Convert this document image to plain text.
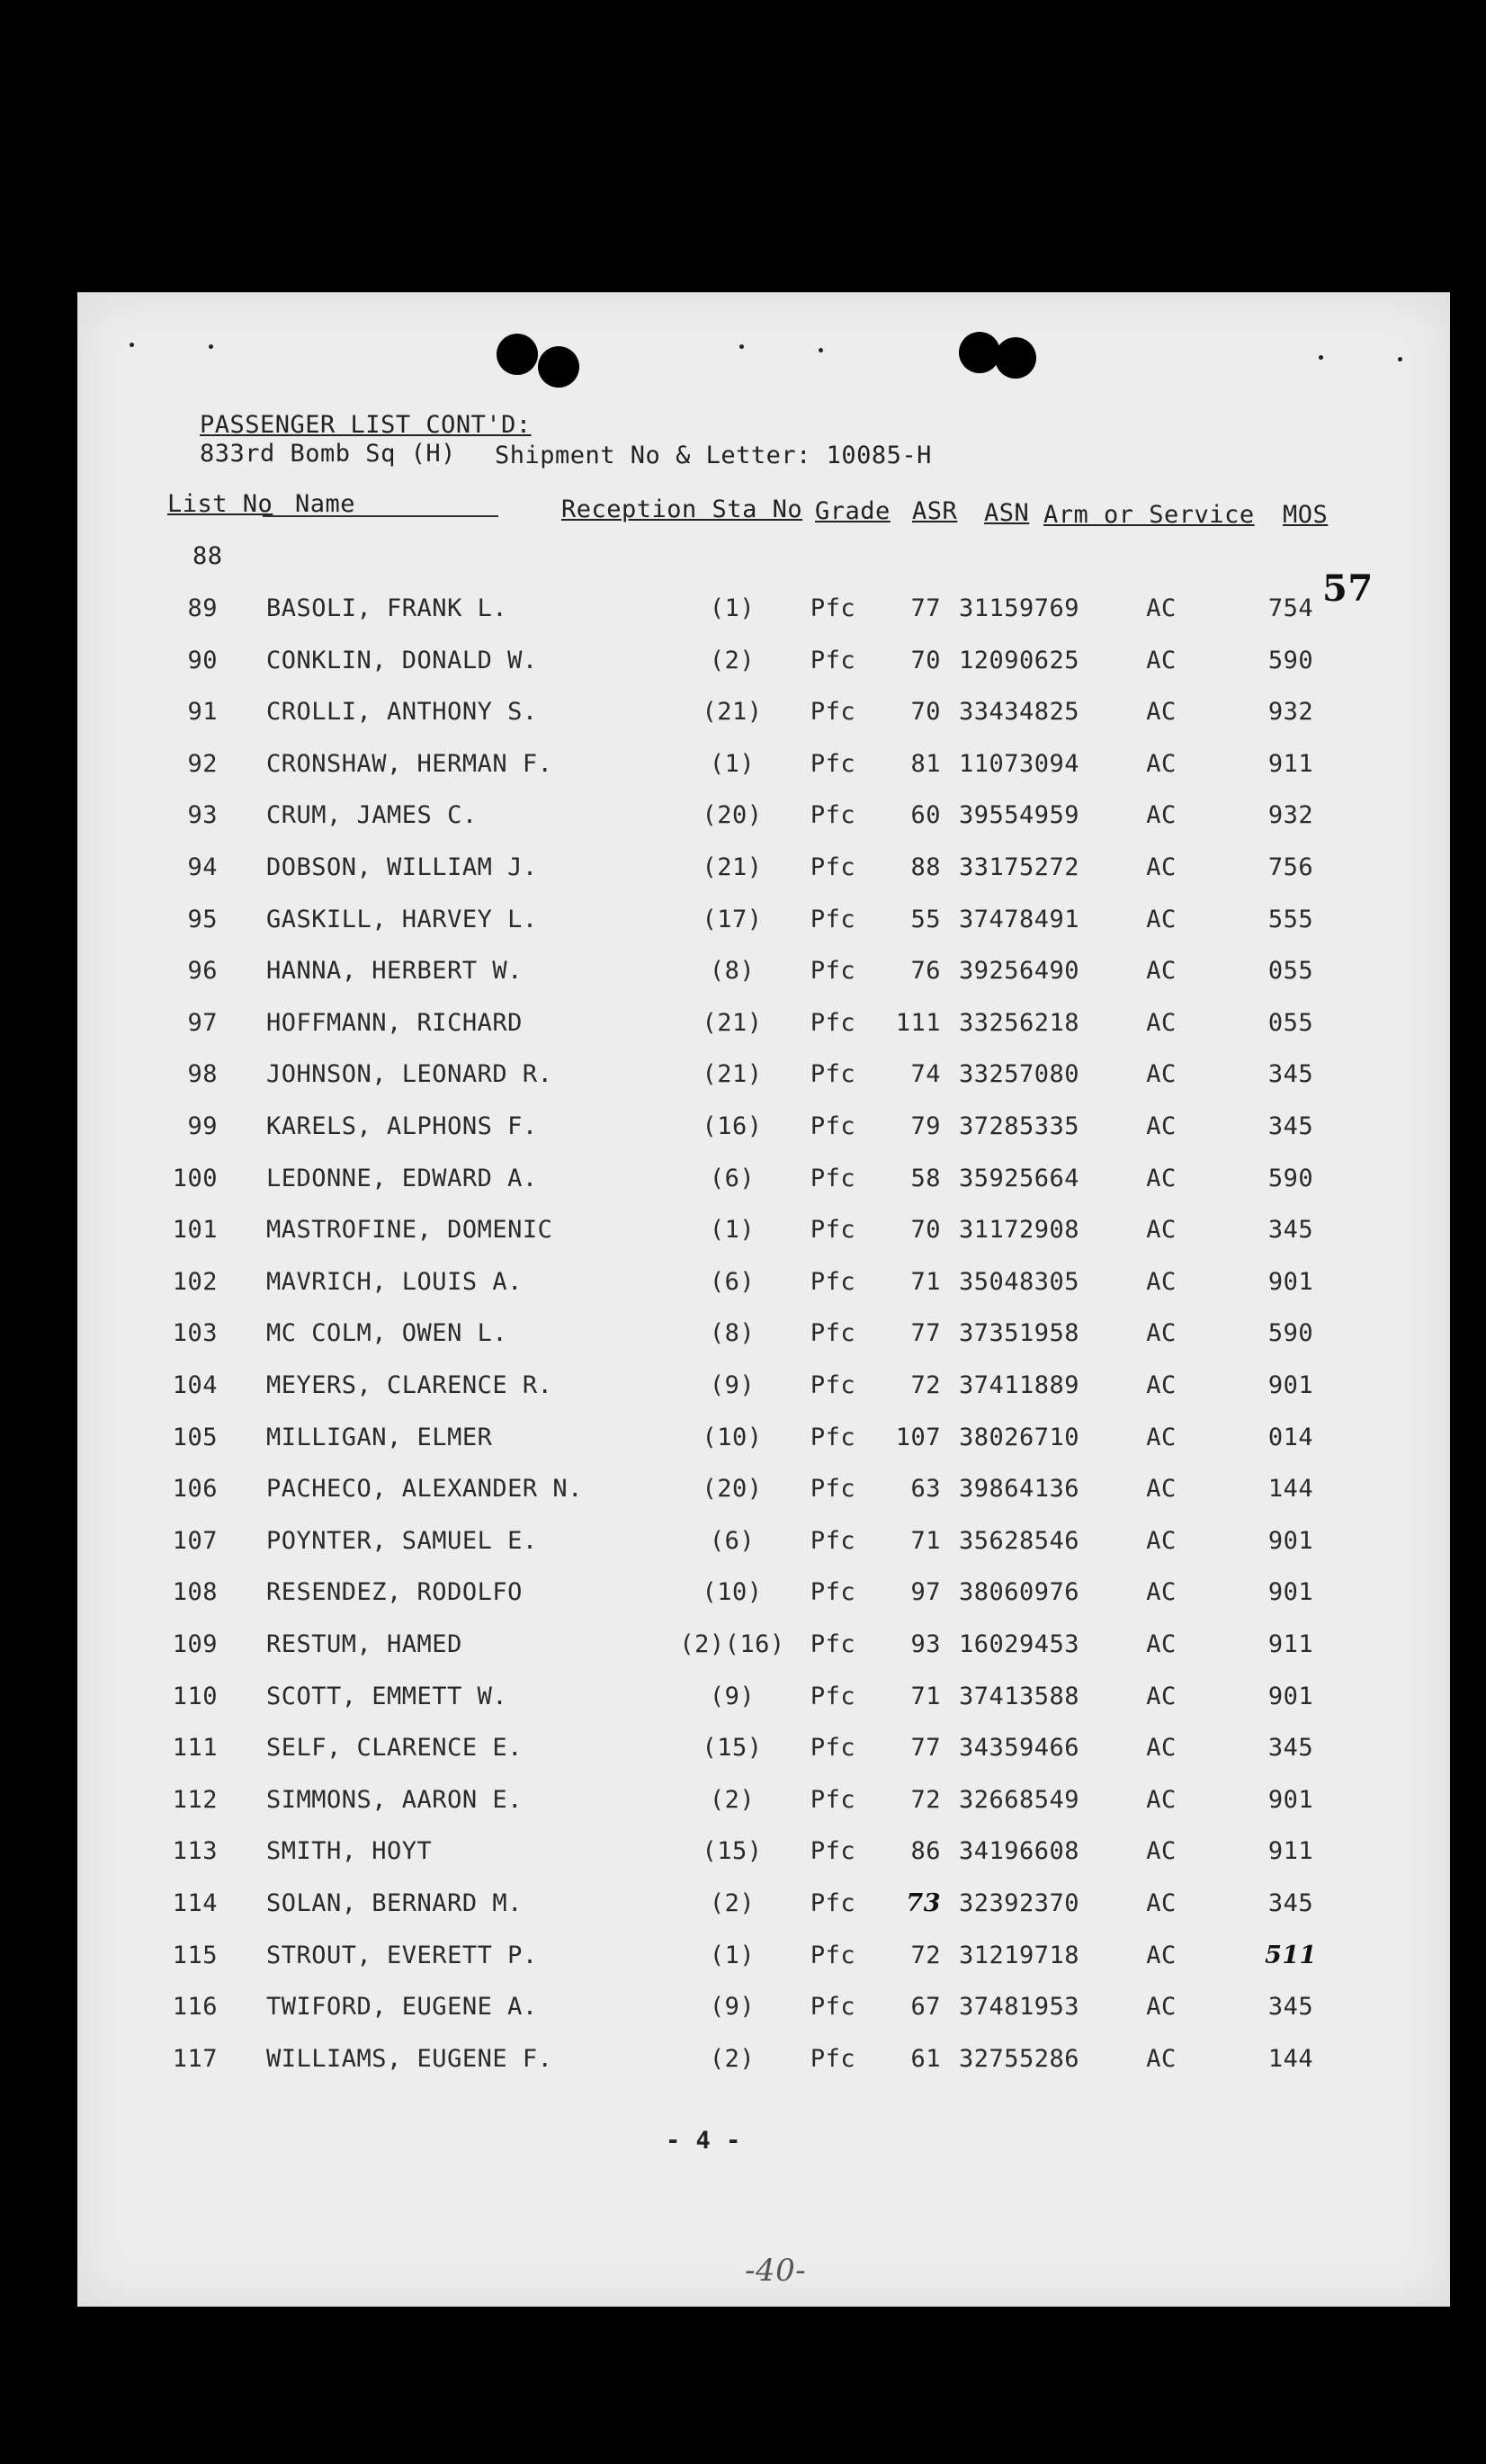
PASSENGER LIST CONT'D:
833rd Bomb Sq (H) Shipment No & Letter: 10085-H
57
List No Name	Reception Sta No Grade ASR ASN Arm or Service MOS
88
89 BASOLI, FRANK L.	(1)	Pfc	77 31159769	AC	754
90 CONKLIN, DONALD W.	(2)	Pfc	70 12090625	AC	590
91 CROLLI, ANTHONY S.	(21)	Pfc	70 33434825	AC	932
92 CRONSHAW, HERMAN F.	(1)	Pfc	81 11073094	AC	911
93 CRUM, JAMES C.	(20)	Pfc	60 39554959	AC	932
94 DOBSON, WILLIAM J.	(21)	Pfc	88 33175272	AC	756
95 GASKILL, HARVEY L.	(17)	Pfc	55 37478491	AC	555
96 HANNA, HERBERT W.	(8)	Pfc	76 39256490	AC	055
97 HOFFMANN, RICHARD	(21)	Pfc	111 33256218	AC	055
98 JOHNSON, LEONARD R.	(21)	Pfc	74 33257080	AC	345
99 KARELS, ALPHONS F.	(16)	Pfc	79 37285335	AC	345
100 LEDONNE, EDWARD A.	(6)	Pfc	58 35925664	AC	590
101 MASTROFINE, DOMENIC	(1)	Pfc	70 31172908	AC	345
102 MAVRICH, LOUIS A.	(6)	Pfc	71 35048305	AC	901
103 MC COLM, OWEN L.	(8)	Pfc	77 37351958	AC	590
104 MEYERS, CLARENCE R.	(9)	Pfc	72 37411889	AC	901
105 MILLIGAN, ELMER	(10)	Pfc	107 38026710	AC	014
106 PACHECO, ALEXANDER N.	(20)	Pfc	63 39864136	AC	144
107 POYNTER, SAMUEL E.	(6)	Pfc	71 35628546	AC	901
108 RESENDEZ, RODOLFO	(10)	Pfc	97 38060976	AC	901
109 RESTUM, HAMED	(2)(16)	Pfc	93 16029453	AC	911
110 SCOTT, EMMETT W.	(9)	Pfc	71 37413588	AC	901
111 SELF, CLARENCE E.	(15)	Pfc	77 34359466	AC	345
112 SIMMONS, AARON E.	(2)	Pfc	72 32668549	AC	901
113 SMITH, HOYT	(15)	Pfc	86 34196608	AC	911
114 SOLAN, BERNARD M.	(2)	Pfc	73 32392370	AC	345
115 STROUT, EVERETT P.	(1)	Pfc	72 31219718	AC	511
116 TWIFORD, EUGENE A.	(9)	Pfc	67 37481953	AC	345
117 WILLIAMS, EUGENE F.	(2)	Pfc	61 32755286	AC	144
- 4 -
-40-
